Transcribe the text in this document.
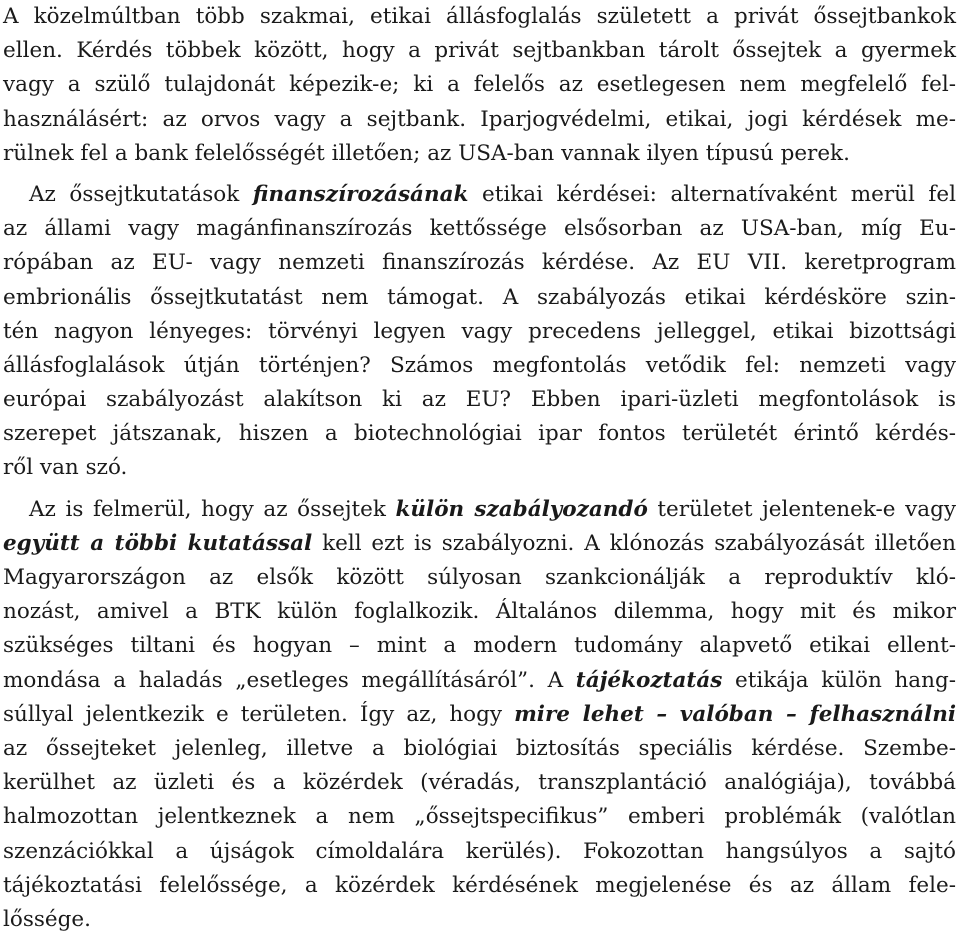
A közelmúltban több szakmai, etikai állásfoglalás született a privát őssejtbankok
ellen. Kérdés többek között, hogy a privát sejtbankban tárolt őssejtek a gyermek
vagy a szülő tulajdonát képezik-e; ki a felelős az esetlegesen nem megfelelő fel-
használásért: az orvos vagy a sejtbank. Iparjogvédelmi, etikai, jogi kérdések me-
rülnek fel a bank felelősségét illetően; az USA-ban vannak ilyen típusú perek.
Az őssejtkutatások finanszírozásának etikai kérdései: alternatívaként merül fel
az állami vagy magánfinanszírozás kettőssége elsősorban az USA-ban, míg Eu-
rópában az EU- vagy nemzeti finanszírozás kérdése. Az EU VII. keretprogram
embrionális őssejtkutatást nem támogat. A szabályozás etikai kérdésköre szin-
tén nagyon lényeges: törvényi legyen vagy precedens jelleggel, etikai bizottsági
állásfoglalások útján történjen? Számos megfontolás vetődik fel: nemzeti vagy
európai szabályozást alakítson ki az EU? Ebben ipari-üzleti megfontolások is
szerepet játszanak, hiszen a biotechnológiai ipar fontos területét érintő kérdés-
ről van szó.
Az is felmerül, hogy az őssejtek külön szabályozandó területet jelentenek-e vagy
együtt a többi kutatással kell ezt is szabályozni. A klónozás szabályozását illetően
Magyarországon az elsők között súlyosan szankcionálják a reproduktív kló-
nozást, amivel a BTK külön foglalkozik. Általános dilemma, hogy mit és mikor
szükséges tiltani és hogyan – mint a modern tudomány alapvető etikai ellent-
mondása a haladás „esetleges megállításáról”. A tájékoztatás etikája külön hang-
súllyal jelentkezik e területen. Így az, hogy mire lehet – valóban – felhasználni
az őssejteket jelenleg, illetve a biológiai biztosítás speciális kérdése. Szembe-
kerülhet az üzleti és a közérdek (véradás, transzplantáció analógiája), továbbá
halmozottan jelentkeznek a nem „őssejtspecifikus” emberi problémák (valótlan
szenzációkkal a újságok címoldalára kerülés). Fokozottan hangsúlyos a sajtó
tájékoztatási felelőssége, a közérdek kérdésének megjelenése és az állam fele-
lőssége.
